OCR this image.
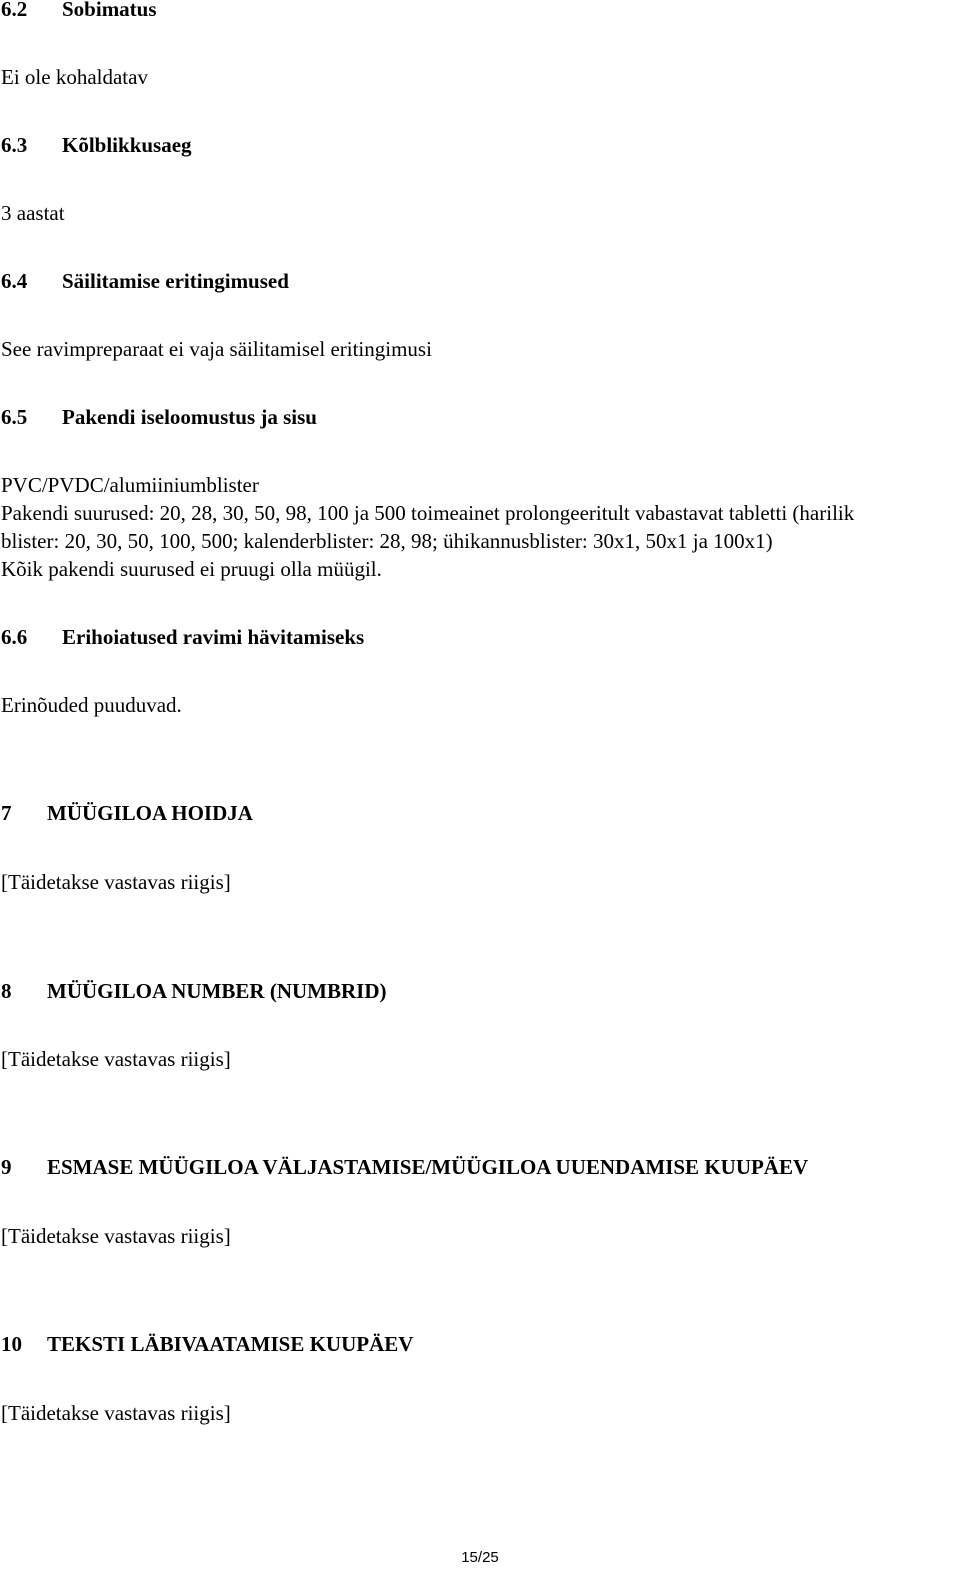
6.2 Sobimatus
Ei ole kohaldatav
6.3 Kõlblikkusaeg
3 aastat
6.4 Säilitamise eritingimused
See ravimpreparaat ei vaja säilitamisel eritingimusi
6.5 Pakendi iseloomustus ja sisu
PVC/PVDC/alumiiniumblister
Pakendi suurused: 20, 28, 30, 50, 98, 100 ja 500 toimeainet prolongeeritult vabastavat tabletti (harilik
blister: 20, 30, 50, 100, 500; kalenderblister: 28, 98; ühikannusblister: 30x1, 50x1 ja 100x1)
Kõik pakendi suurused ei pruugi olla müügil.
6.6 Erihoiatused ravimi hävitamiseks
Erinõuded puuduvad.
7 MÜÜGILOA HOIDJA
[Täidetakse vastavas riigis]
8 MÜÜGILOA NUMBER (NUMBRID)
[Täidetakse vastavas riigis]
9 ESMASE MÜÜGILOA VÄLJASTAMISE/MÜÜGILOA UUENDAMISE KUUPÄEV
[Täidetakse vastavas riigis]
10 TEKSTI LÄBIVAATAMISE KUUPÄEV
[Täidetakse vastavas riigis]
15/25
